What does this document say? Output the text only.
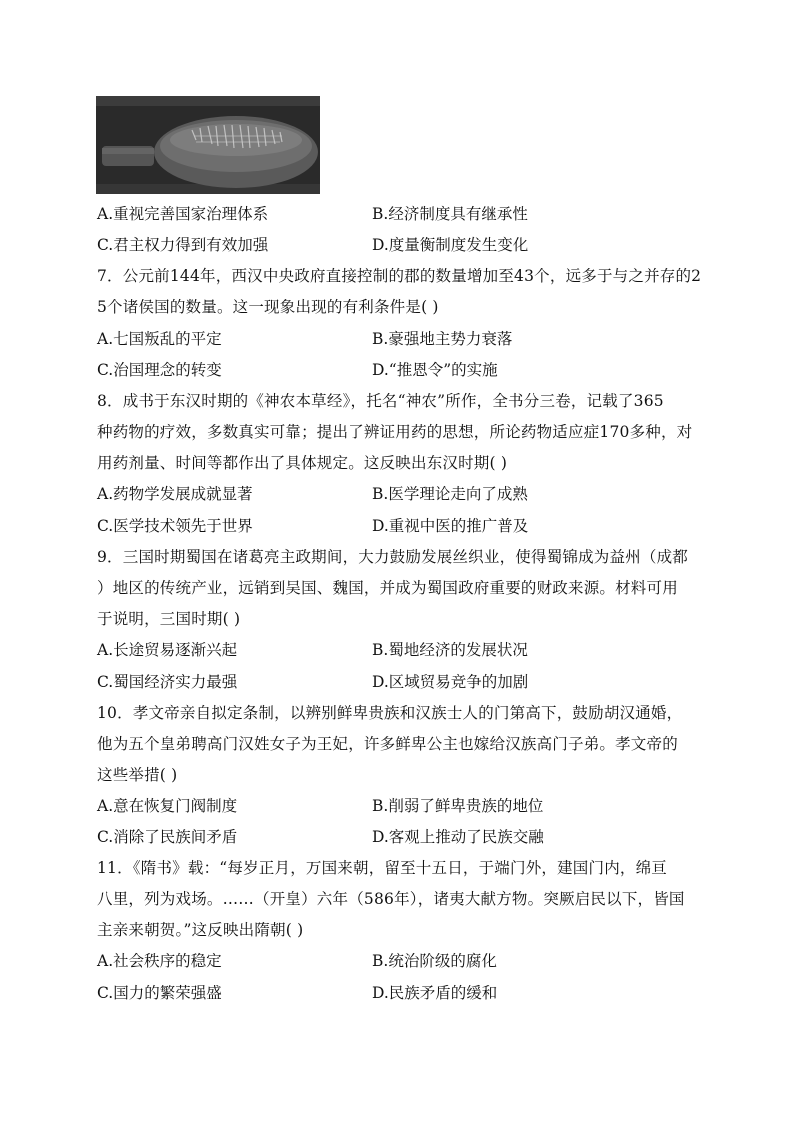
A.重视完善国家治理体系	B.经济制度具有继承性
C.君主权力得到有效加强	D.度量衡制度发生变化
7．公元前144年，西汉中央政府直接控制的郡的数量增加至43个，远多于与之并存的2
5个诸侯国的数量。这一现象出现的有利条件是( )
A.七国叛乱的平定	B.豪强地主势力衰落
C.治国理念的转变	D.“推恩令”的实施
8．成书于东汉时期的《神农本草经》，托名“神农”所作，全书分三卷，记载了365
种药物的疗效，多数真实可靠；提出了辨证用药的思想，所论药物适应症170多种，对
用药剂量、时间等都作出了具体规定。这反映出东汉时期( )
A.药物学发展成就显著	B.医学理论走向了成熟
C.医学技术领先于世界	D.重视中医的推广普及
9．三国时期蜀国在诸葛亮主政期间，大力鼓励发展丝织业，使得蜀锦成为益州（成都
）地区的传统产业，远销到吴国、魏国，并成为蜀国政府重要的财政来源。材料可用
于说明，三国时期( )
A.长途贸易逐渐兴起	B.蜀地经济的发展状况
C.蜀国经济实力最强	D.区域贸易竞争的加剧
10．孝文帝亲自拟定条制，以辨别鲜卑贵族和汉族士人的门第高下，鼓励胡汉通婚，
他为五个皇弟聘高门汉姓女子为王妃，许多鲜卑公主也嫁给汉族高门子弟。孝文帝的
这些举措( )
A.意在恢复门阀制度	B.削弱了鲜卑贵族的地位
C.消除了民族间矛盾	D.客观上推动了民族交融
11．《隋书》载：“每岁正月，万国来朝，留至十五日，于端门外，建国门内，绵亘
八里，列为戏场。……（开皇）六年（586年），诸夷大献方物。突厥启民以下，皆国
主亲来朝贺。”这反映出隋朝( )
A.社会秩序的稳定	B.统治阶级的腐化
C.国力的繁荣强盛	D.民族矛盾的缓和
